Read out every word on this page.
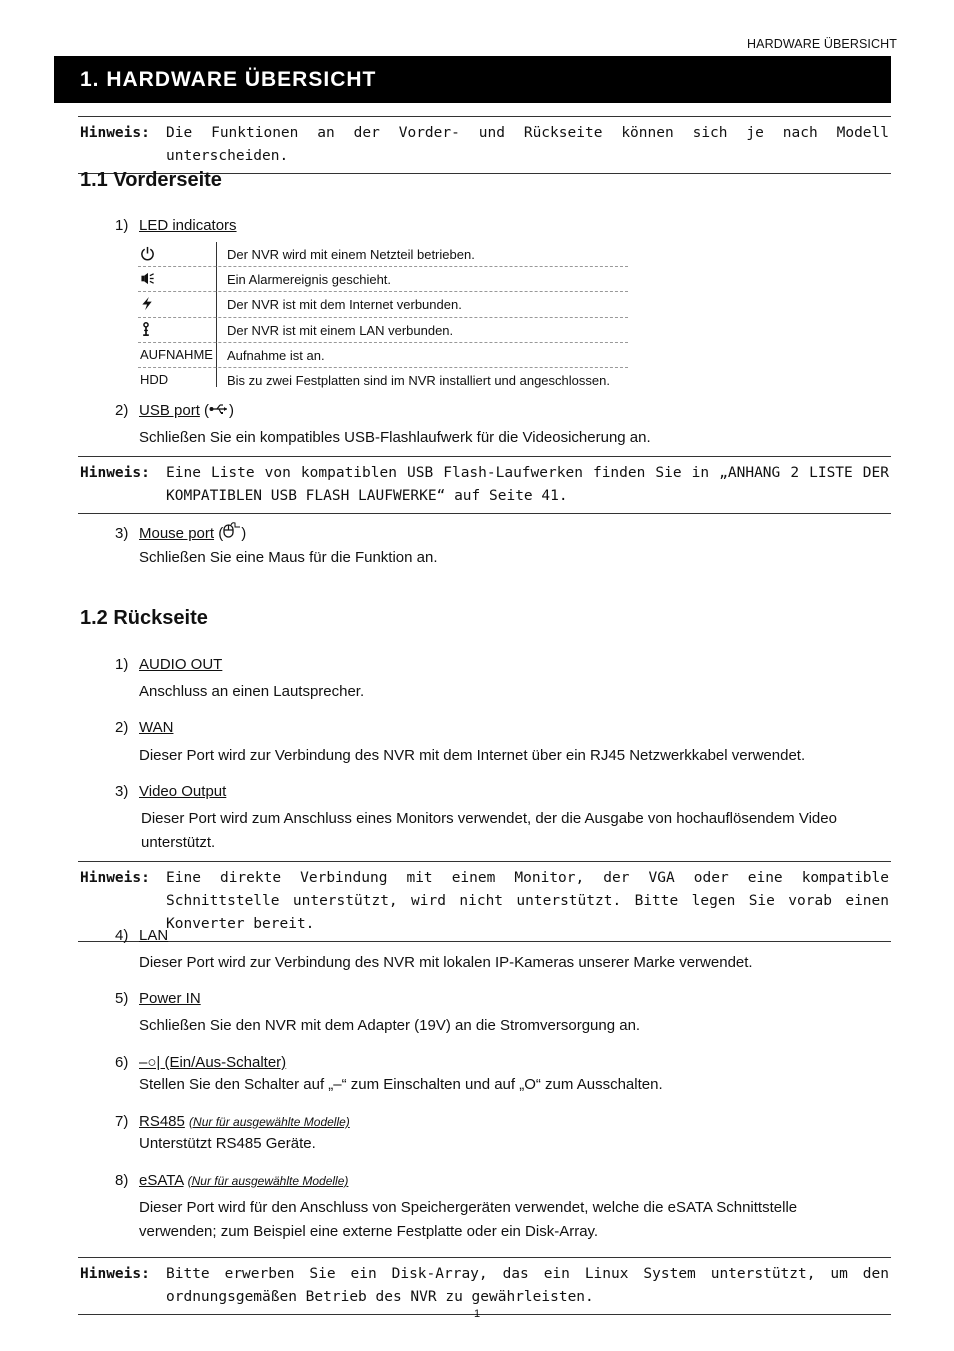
HARDWARE ÜBERSICHT
1. HARDWARE ÜBERSICHT
Hinweis: Die Funktionen an der Vorder- und Rückseite können sich je nach Modell unterscheiden.
1.1 Vorderseite
1) LED indicators
Der NVR wird mit einem Netzteil betrieben.
Ein Alarmereignis geschieht.
Der NVR ist mit dem Internet verbunden.
Der NVR ist mit einem LAN verbunden.
AUFNAHME Aufnahme ist an.
HDD	Bis zu zwei Festplatten sind im NVR installiert und angeschlossen.
2) USB port ( )
Schließen Sie ein kompatibles USB-Flashlaufwerk für die Videosicherung an.
Hinweis: Eine Liste von kompatiblen USB Flash-Laufwerken finden Sie in „ANHANG 2 LISTE DER KOMPATIBLEN USB FLASH LAUFWERKE“ auf Seite 41.
3) Mouse port ( )
Schließen Sie eine Maus für die Funktion an.
1.2 Rückseite
1) AUDIO OUT
Anschluss an einen Lautsprecher.
2) WAN
Dieser Port wird zur Verbindung des NVR mit dem Internet über ein RJ45 Netzwerkkabel verwendet.
3) Video Output
Dieser Port wird zum Anschluss eines Monitors verwendet, der die Ausgabe von hochauflösendem Video unterstützt.
Hinweis: Eine direkte Verbindung mit einem Monitor, der VGA oder eine kompatible Schnittstelle unterstützt, wird nicht unterstützt. Bitte legen Sie vorab einen Konverter bereit.
4) LAN
Dieser Port wird zur Verbindung des NVR mit lokalen IP-Kameras unserer Marke verwendet.
5) Power IN
Schließen Sie den NVR mit dem Adapter (19V) an die Stromversorgung an.
6) –○| (Ein/Aus-Schalter)
Stellen Sie den Schalter auf „–“ zum Einschalten und auf „O“ zum Ausschalten.
7) RS485 (Nur für ausgewählte Modelle)
Unterstützt RS485 Geräte.
8) eSATA (Nur für ausgewählte Modelle)
Dieser Port wird für den Anschluss von Speichergeräten verwendet, welche die eSATA Schnittstelle verwenden; zum Beispiel eine externe Festplatte oder ein Disk-Array.
Hinweis: Bitte erwerben Sie ein Disk-Array, das ein Linux System unterstützt, um den ordnungsgemäßen Betrieb des NVR zu gewährleisten.
1
